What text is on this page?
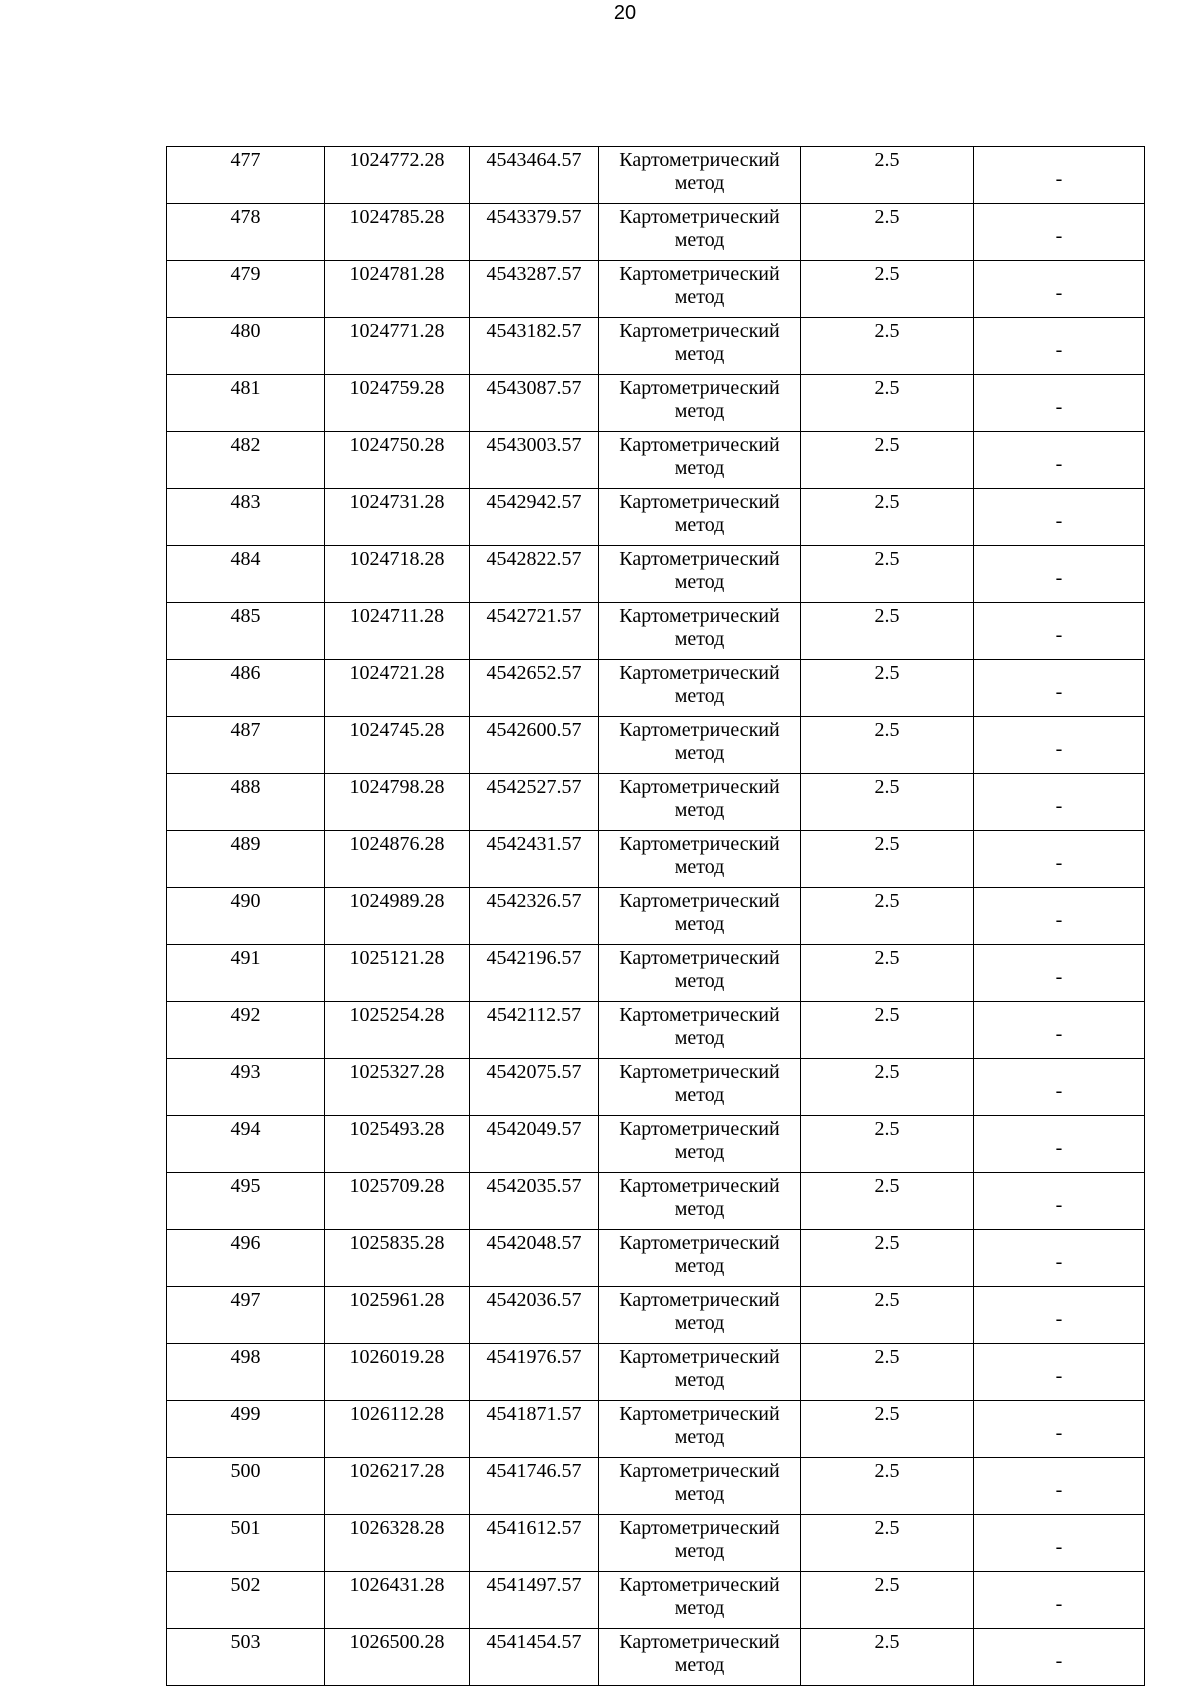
20
477	1024772.28	4543464.57	Картометрический
метод	2.5	-
478	1024785.28	4543379.57	Картометрический
метод	2.5	-
479	1024781.28	4543287.57	Картометрический
метод	2.5	-
480	1024771.28	4543182.57	Картометрический
метод	2.5	-
481	1024759.28	4543087.57	Картометрический
метод	2.5	-
482	1024750.28	4543003.57	Картометрический
метод	2.5	-
483	1024731.28	4542942.57	Картометрический
метод	2.5	-
484	1024718.28	4542822.57	Картометрический
метод	2.5	-
485	1024711.28	4542721.57	Картометрический
метод	2.5	-
486	1024721.28	4542652.57	Картометрический
метод	2.5	-
487	1024745.28	4542600.57	Картометрический
метод	2.5	-
488	1024798.28	4542527.57	Картометрический
метод	2.5	-
489	1024876.28	4542431.57	Картометрический
метод	2.5	-
490	1024989.28	4542326.57	Картометрический
метод	2.5	-
491	1025121.28	4542196.57	Картометрический
метод	2.5	-
492	1025254.28	4542112.57	Картометрический
метод	2.5	-
493	1025327.28	4542075.57	Картометрический
метод	2.5	-
494	1025493.28	4542049.57	Картометрический
метод	2.5	-
495	1025709.28	4542035.57	Картометрический
метод	2.5	-
496	1025835.28	4542048.57	Картометрический
метод	2.5	-
497	1025961.28	4542036.57	Картометрический
метод	2.5	-
498	1026019.28	4541976.57	Картометрический
метод	2.5	-
499	1026112.28	4541871.57	Картометрический
метод	2.5	-
500	1026217.28	4541746.57	Картометрический
метод	2.5	-
501	1026328.28	4541612.57	Картометрический
метод	2.5	-
502	1026431.28	4541497.57	Картометрический
метод	2.5	-
503	1026500.28	4541454.57	Картометрический
метод	2.5	-
